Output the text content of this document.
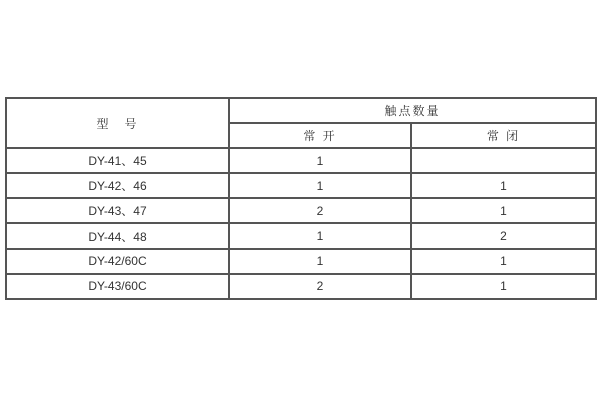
型　号	触点数量	
	常 开	常 闭
DY-41、45	1	
DY-42、46	1	1
DY-43、47	2	1
DY-44、48	1	2
DY-42/60C	1	1
DY-43/60C	2	1
